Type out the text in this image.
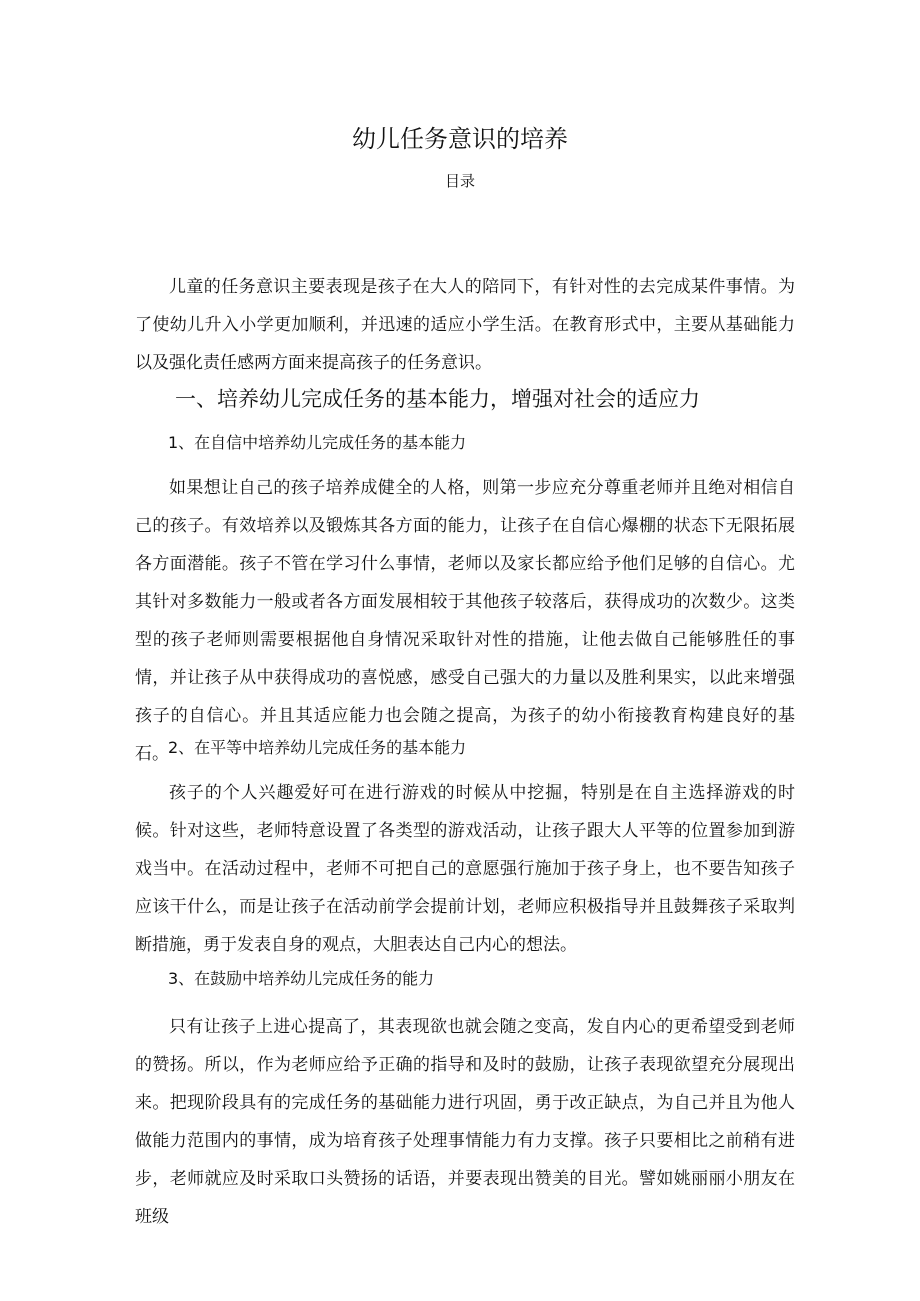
幼儿任务意识的培养
目录

儿童的任务意识主要表现是孩子在大人的陪同下，有针对性的去完成某件事情。为了使幼儿升入小学更加顺利，并迅速的适应小学生活。在教育形式中，主要从基础能力以及强化责任感两方面来提高孩子的任务意识。

一、培养幼儿完成任务的基本能力，增强对社会的适应力
1、在自信中培养幼儿完成任务的基本能力

如果想让自己的孩子培养成健全的人格，则第一步应充分尊重老师并且绝对相信自己的孩子。有效培养以及锻炼其各方面的能力，让孩子在自信心爆棚的状态下无限拓展各方面潜能。孩子不管在学习什么事情，老师以及家长都应给予他们足够的自信心。尤其针对多数能力一般或者各方面发展相较于其他孩子较落后，获得成功的次数少。这类型的孩子老师则需要根据他自身情况采取针对性的措施，让他去做自己能够胜任的事情，并让孩子从中获得成功的喜悦感，感受自己强大的力量以及胜利果实，以此来增强孩子的自信心。并且其适应能力也会随之提高，为孩子的幼小衔接教育构建良好的基石。 2、在平等中培养幼儿完成任务的基本能力

孩子的个人兴趣爱好可在进行游戏的时候从中挖掘，特别是在自主选择游戏的时候。针对这些，老师特意设置了各类型的游戏活动，让孩子跟大人平等的位置参加到游戏当中。在活动过程中，老师不可把自己的意愿强行施加于孩子身上，也不要告知孩子应该干什么，而是让孩子在活动前学会提前计划，老师应积极指导并且鼓舞孩子采取判断措施，勇于发表自身的观点，大胆表达自己内心的想法。

3、在鼓励中培养幼儿完成任务的能力

只有让孩子上进心提高了，其表现欲也就会随之变高，发自内心的更希望受到老师的赞扬。所以，作为老师应给予正确的指导和及时的鼓励，让孩子表现欲望充分展现出来。把现阶段具有的完成任务的基础能力进行巩固，勇于改正缺点，为自己并且为他人做能力范围内的事情，成为培育孩子处理事情能力有力支撑。孩子只要相比之前稍有进步，老师就应及时采取口头赞扬的话语，并要表现出赞美的目光。譬如姚丽丽小朋友在班级
